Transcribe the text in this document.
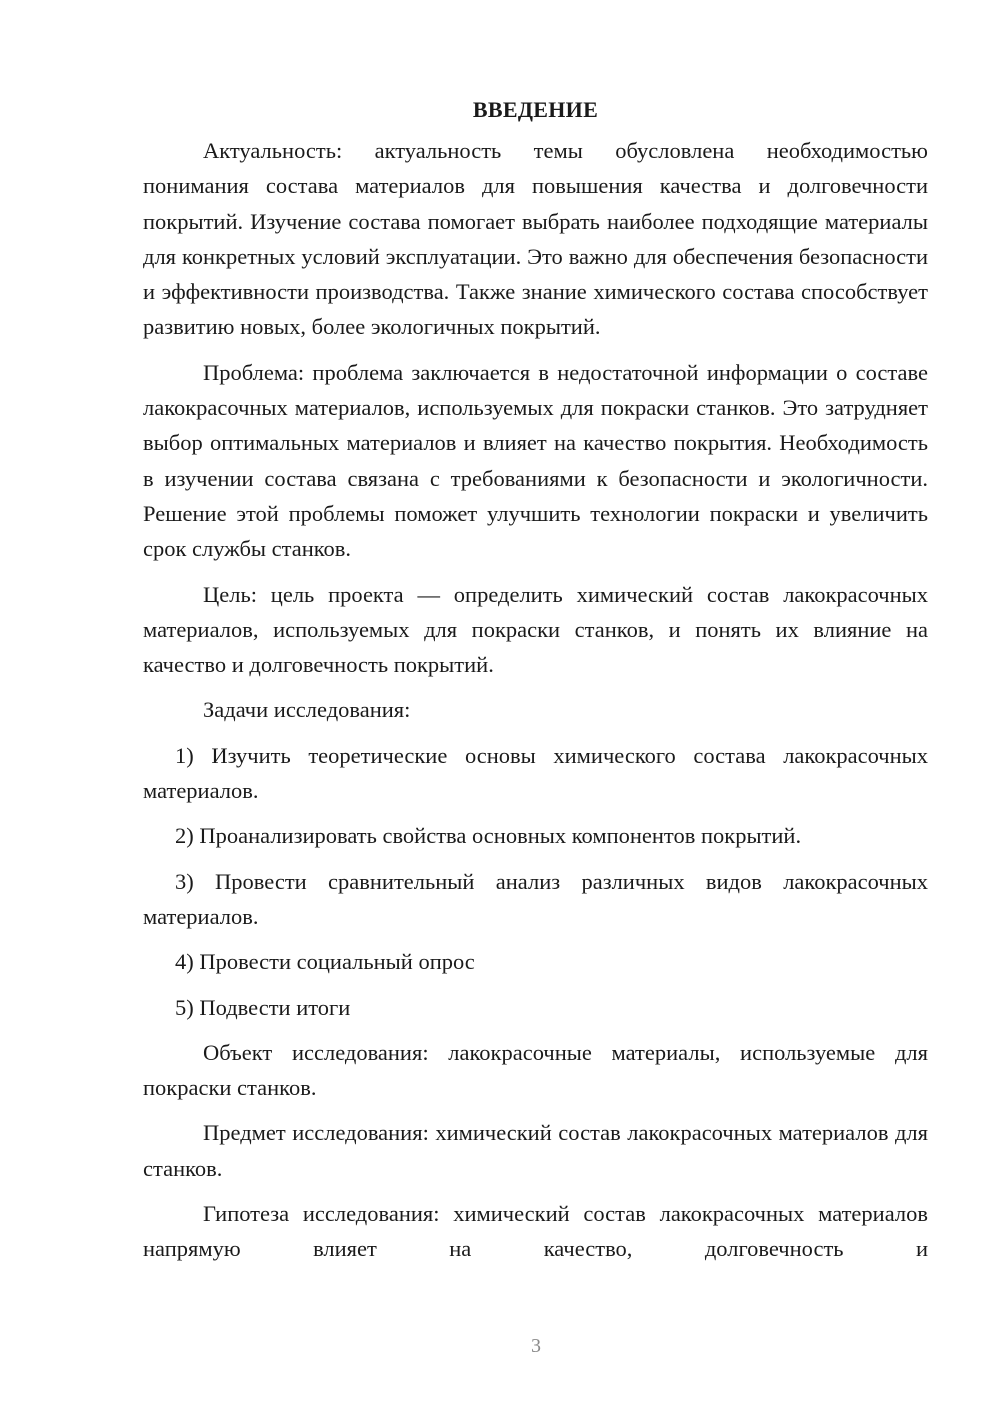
ВВЕДЕНИЕ

Актуальность: актуальность темы обусловлена необходимостью понимания состава материалов для повышения качества и долговечности покрытий. Изучение состава помогает выбрать наиболее подходящие материалы для конкретных условий эксплуатации. Это важно для обеспечения безопасности и эффективности производства. Также знание химического состава способствует развитию новых, более экологичных покрытий.

Проблема: проблема заключается в недостаточной информации о составе лакокрасочных материалов, используемых для покраски станков. Это затрудняет выбор оптимальных материалов и влияет на качество покрытия. Необходимость в изучении состава связана с требованиями к безопасности и экологичности. Решение этой проблемы поможет улучшить технологии покраски и увеличить срок службы станков.

Цель: цель проекта — определить химический состав лакокрасочных материалов, используемых для покраски станков, и понять их влияние на качество и долговечность покрытий.

Задачи исследования:

1) Изучить теоретические основы химического состава лакокрасочных материалов.

2) Проанализировать свойства основных компонентов покрытий.

3) Провести сравнительный анализ различных видов лакокрасочных материалов.

4) Провести социальный опрос

5) Подвести итоги

Объект исследования: лакокрасочные материалы, используемые для покраски станков.

Предмет исследования: химический состав лакокрасочных материалов для станков.

Гипотеза исследования: химический состав лакокрасочных материалов напрямую влияет на качество, долговечность и

3
